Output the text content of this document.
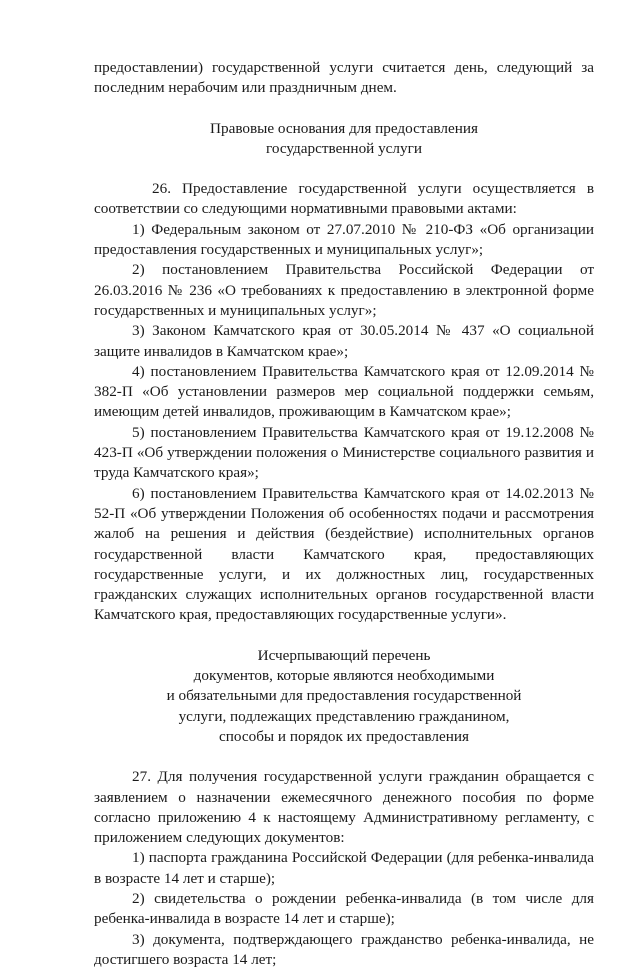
предоставлении) государственной услуги считается день, следующий за последним нерабочим или праздничным днем.

Правовые основания для предоставления

государственной услуги

26. Предоставление государственной услуги осуществляется в соответствии со следующими нормативными правовыми актами:

1) Федеральным законом от 27.07.2010 № 210-ФЗ «Об организации предоставления государственных и муниципальных услуг»;

2) постановлением Правительства Российской Федерации от 26.03.2016 № 236 «О требованиях к предоставлению в электронной форме государственных и муниципальных услуг»;

3) Законом Камчатского края от 30.05.2014 № 437 «О социальной защите инвалидов в Камчатском крае»;

4) постановлением Правительства Камчатского края от 12.09.2014 № 382-П «Об установлении размеров мер социальной поддержки семьям, имеющим детей инвалидов, проживающим в Камчатском крае»;

5) постановлением Правительства Камчатского края от 19.12.2008 № 423-П «Об утверждении положения о Министерстве социального развития и труда Камчатского края»;

6) постановлением Правительства Камчатского края от 14.02.2013 № 52-П «Об утверждении Положения об особенностях подачи и рассмотрения жалоб на решения и действия (бездействие) исполнительных органов государственной власти Камчатского края, предоставляющих государственные услуги, и их должностных лиц, государственных гражданских служащих исполнительных органов государственной власти Камчатского края, предоставляющих государственные услуги».

Исчерпывающий перечень

документов, которые являются необходимыми

и обязательными для предоставления государственной

услуги, подлежащих представлению гражданином,

способы и порядок их предоставления

27. Для получения государственной услуги гражданин обращается с заявлением о назначении ежемесячного денежного пособия по форме согласно приложению 4 к настоящему Административному регламенту, с приложением следующих документов:

1) паспорта гражданина Российской Федерации (для ребенка-инвалида в возрасте 14 лет и старше);

2) свидетельства о рождении ребенка-инвалида (в том числе для ребенка-инвалида в возрасте 14 лет и старше);

3) документа, подтверждающего гражданство ребенка-инвалида, не достигшего возраста 14 лет;
